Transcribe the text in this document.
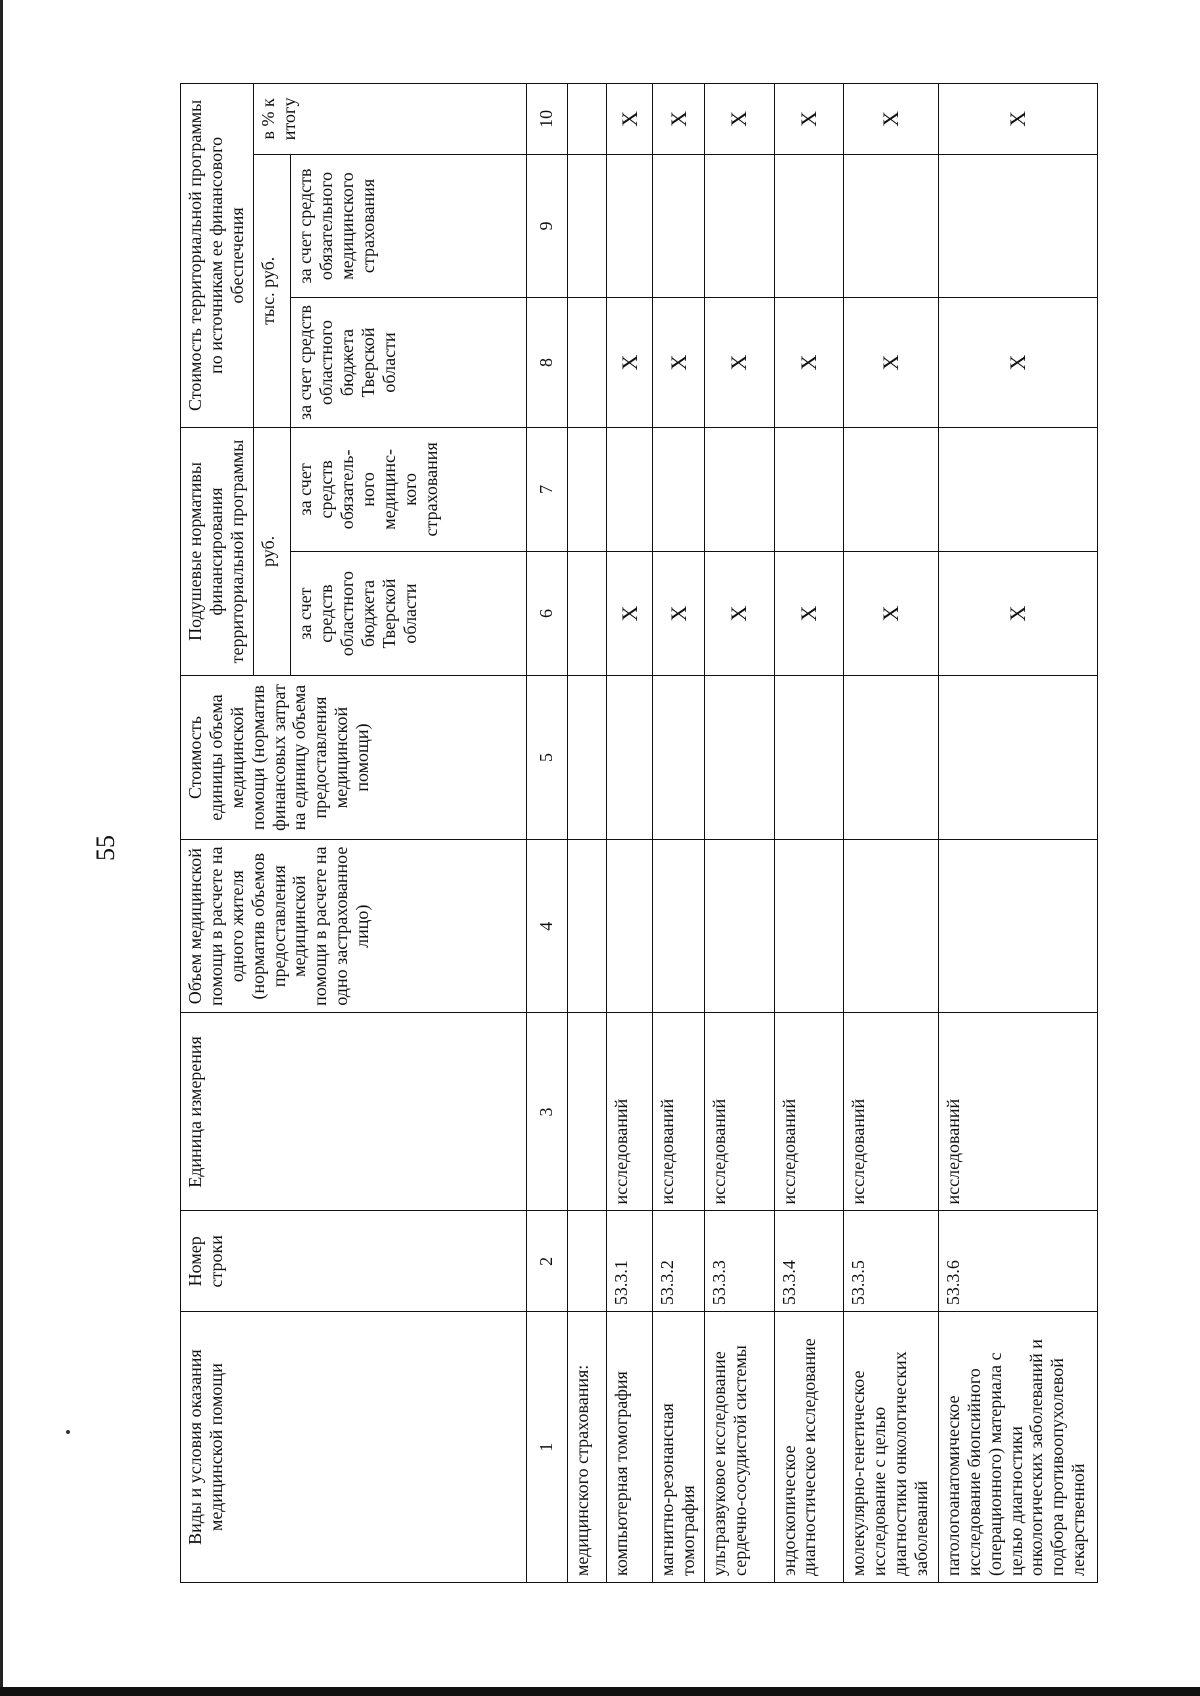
55
Виды и условия оказания медицинской помощи	Номер строки	Единица измерения	Объем медицинской помощи в расчете на одного жителя (норматив объемов предоставления медицинской помощи в расчете на одно застрахованное лицо)	Стоимость единицы объема медицинской помощи (норматив финансовых затрат на единицу объема предоставления медицинской помощи)	Подушевые нормативы финансирования территориальной программы		Стоимость территориальной программы по источникам ее финансового обеспечения		
					руб.		тыс. руб.		в % к итогу
					за счет средств областного бюджета Тверской области	за счет средств обязатель-ного медицинс-кого страхования	за счет средств областного бюджета Тверской области	за счет средств обязательного медицинского страхования	
1	2	3	4	5	6	7	8	9	10
медицинского страхования:									
компьютерная томография	53.3.1	исследований			X		X		X
магнитно-резонансная томография	53.3.2	исследований			X		X		X
ультразвуковое исследование сердечно-сосудистой системы	53.3.3	исследований			X		X		X
эндоскопическое диагностическое исследование	53.3.4	исследований			X		X		X
молекулярно-генетическое исследование с целью диагностики онкологических заболеваний	53.3.5	исследований			X		X		X
патологоанатомическое исследование биопсийного (операционного) материала с целью диагностики онкологических заболеваний и подбора противоопухолевой лекарственной	53.3.6	исследований			X		X		X
